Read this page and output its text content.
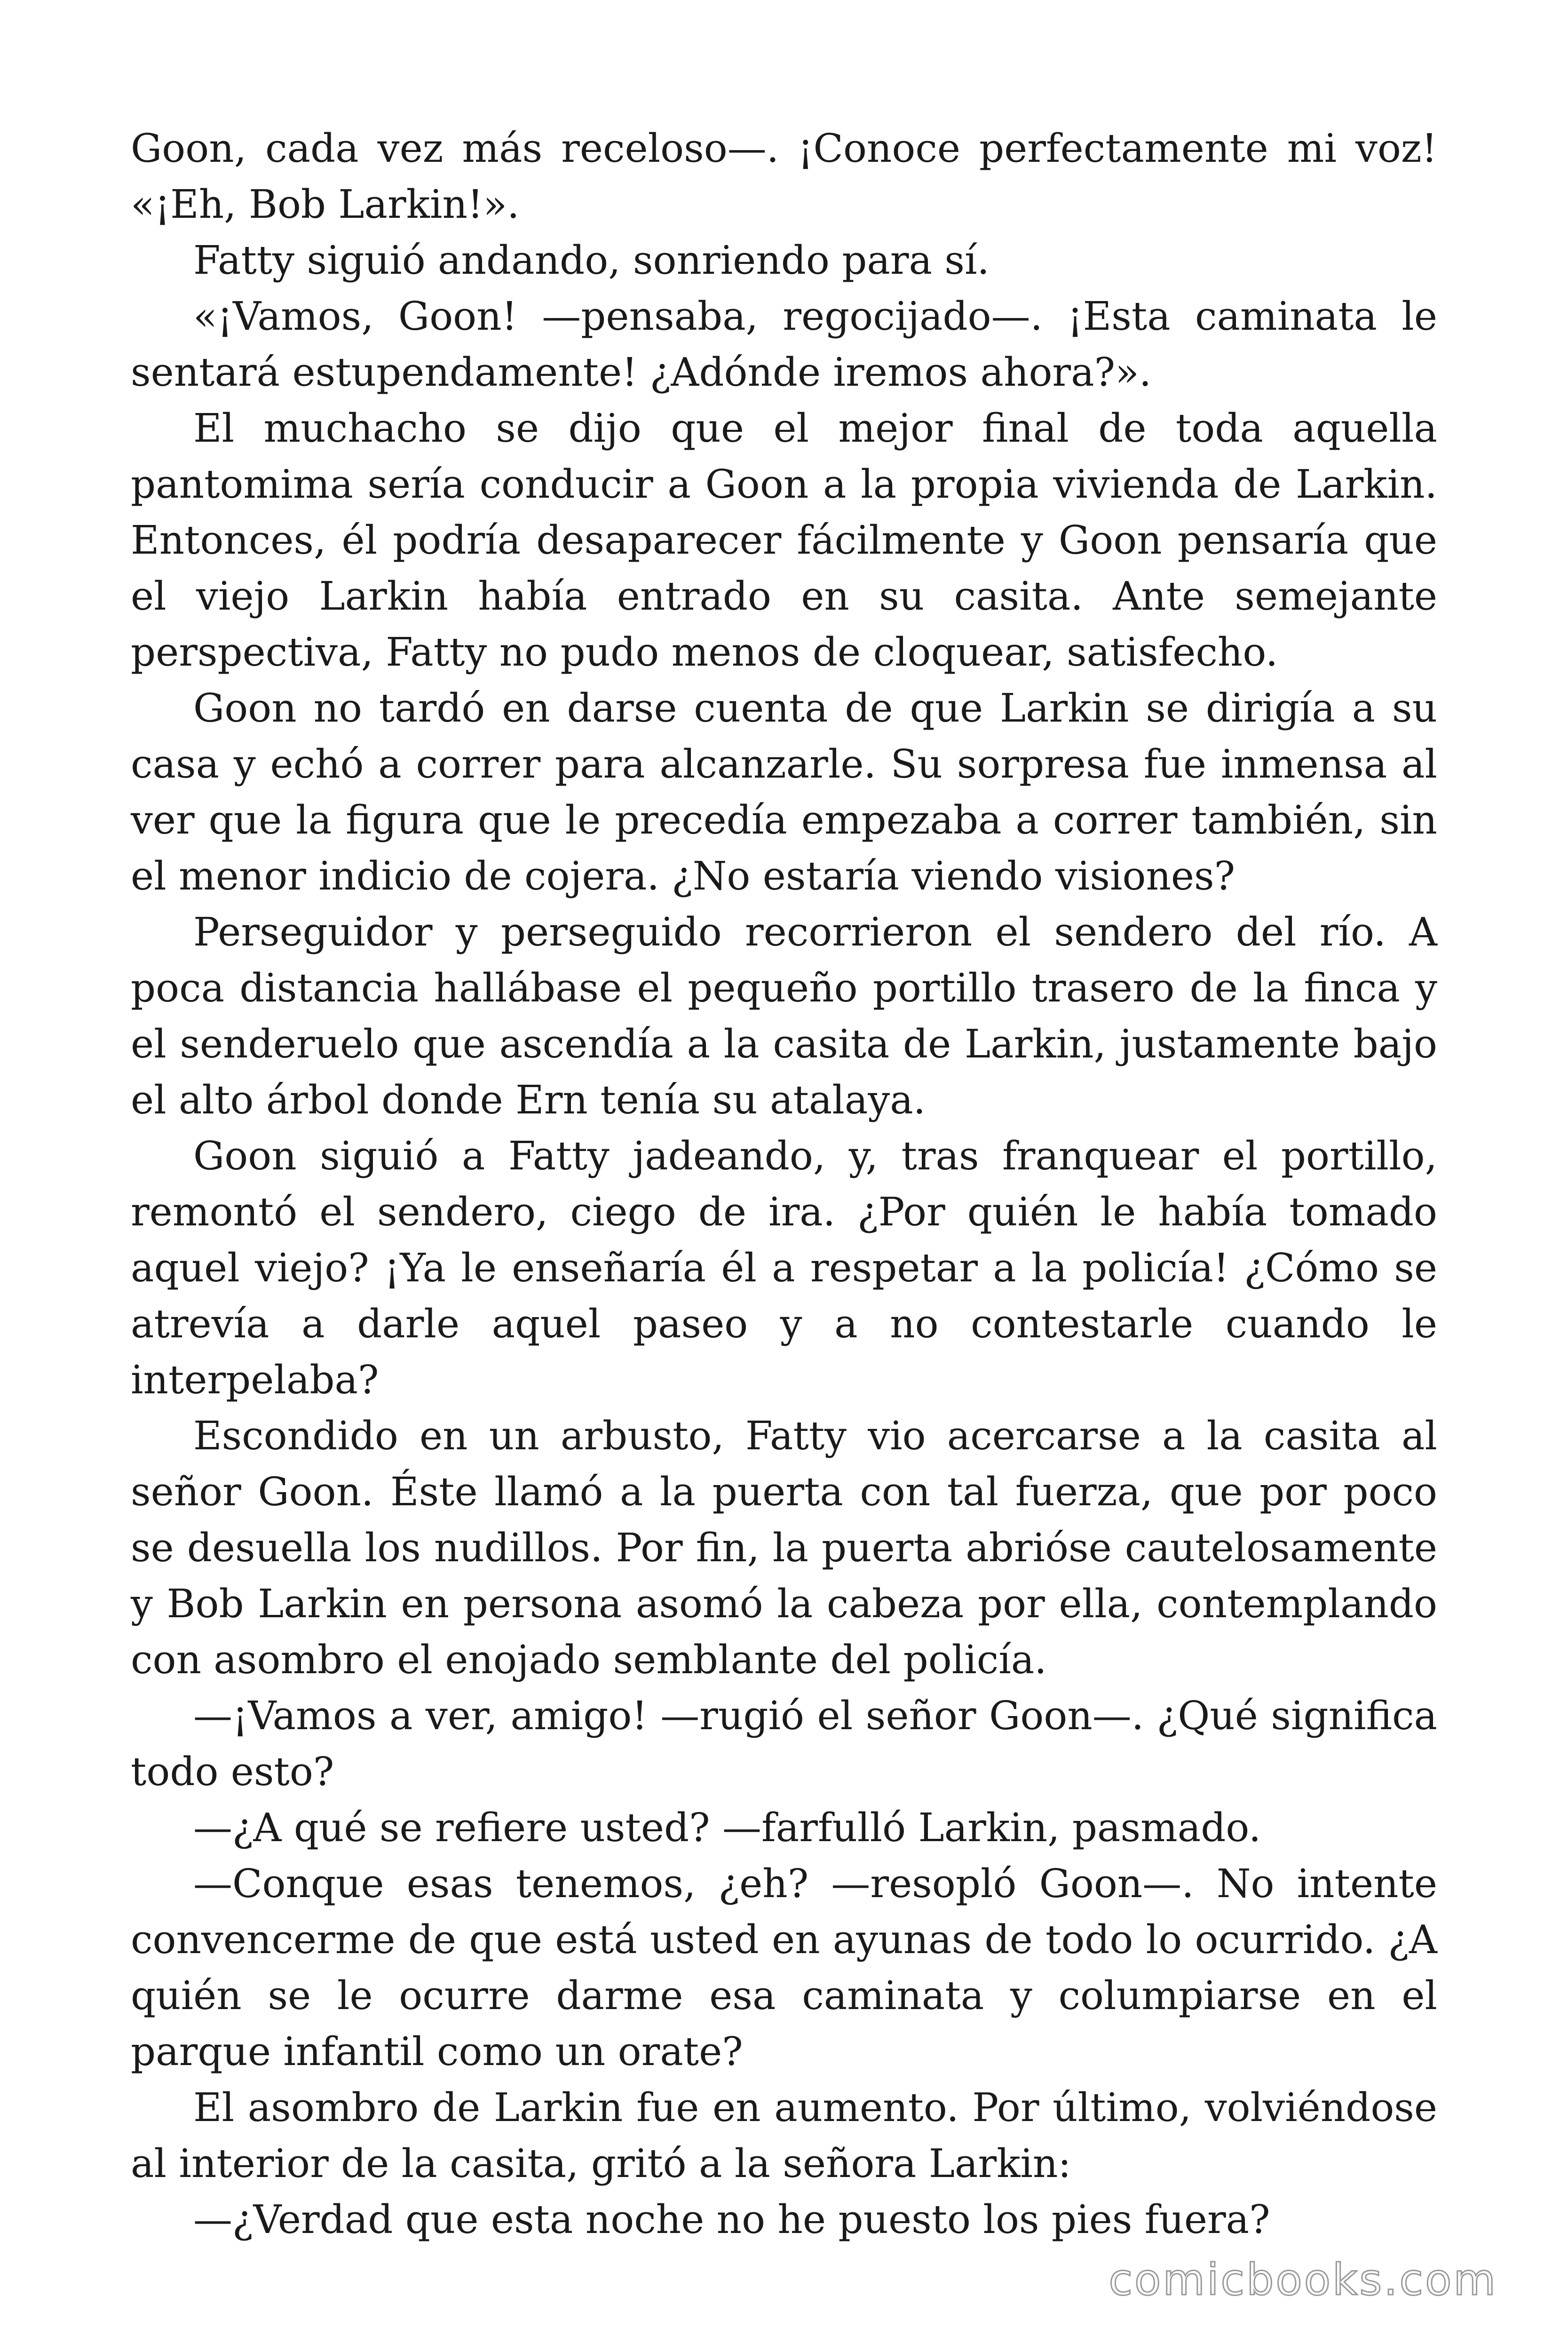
Goon, cada vez más receloso—. ¡Conoce perfectamente mi voz! «¡Eh, Bob Larkin!».

Fatty siguió andando, sonriendo para sí.

«¡Vamos, Goon! —pensaba, regocijado—. ¡Esta caminata le sentará estupendamente! ¿Adónde iremos ahora?».

El muchacho se dijo que el mejor final de toda aquella pantomima sería conducir a Goon a la propia vivienda de Larkin. Entonces, él podría desaparecer fácilmente y Goon pensaría que el viejo Larkin había entrado en su casita. Ante semejante perspectiva, Fatty no pudo menos de cloquear, satisfecho.

Goon no tardó en darse cuenta de que Larkin se dirigía a su casa y echó a correr para alcanzarle. Su sorpresa fue inmensa al ver que la figura que le precedía empezaba a correr también, sin el menor indicio de cojera. ¿No estaría viendo visiones?

Perseguidor y perseguido recorrieron el sendero del río. A poca distancia hallábase el pequeño portillo trasero de la finca y el senderuelo que ascendía a la casita de Larkin, justamente bajo el alto árbol donde Ern tenía su atalaya.

Goon siguió a Fatty jadeando, y, tras franquear el portillo, remontó el sendero, ciego de ira. ¿Por quién le había tomado aquel viejo? ¡Ya le enseñaría él a respetar a la policía! ¿Cómo se atrevía a darle aquel paseo y a no contestarle cuando le interpelaba?

Escondido en un arbusto, Fatty vio acercarse a la casita al señor Goon. Éste llamó a la puerta con tal fuerza, que por poco se desuella los nudillos. Por fin, la puerta abrióse cautelosamente y Bob Larkin en persona asomó la cabeza por ella, contemplando con asombro el enojado semblante del policía.

—¡Vamos a ver, amigo! —rugió el señor Goon—. ¿Qué significa todo esto?

—¿A qué se refiere usted? —farfulló Larkin, pasmado.

—Conque esas tenemos, ¿eh? —resopló Goon—. No intente convencerme de que está usted en ayunas de todo lo ocurrido. ¿A quién se le ocurre darme esa caminata y columpiarse en el parque infantil como un orate?

El asombro de Larkin fue en aumento. Por último, volviéndose al interior de la casita, gritó a la señora Larkin:

—¿Verdad que esta noche no he puesto los pies fuera?

comicbooks.com
